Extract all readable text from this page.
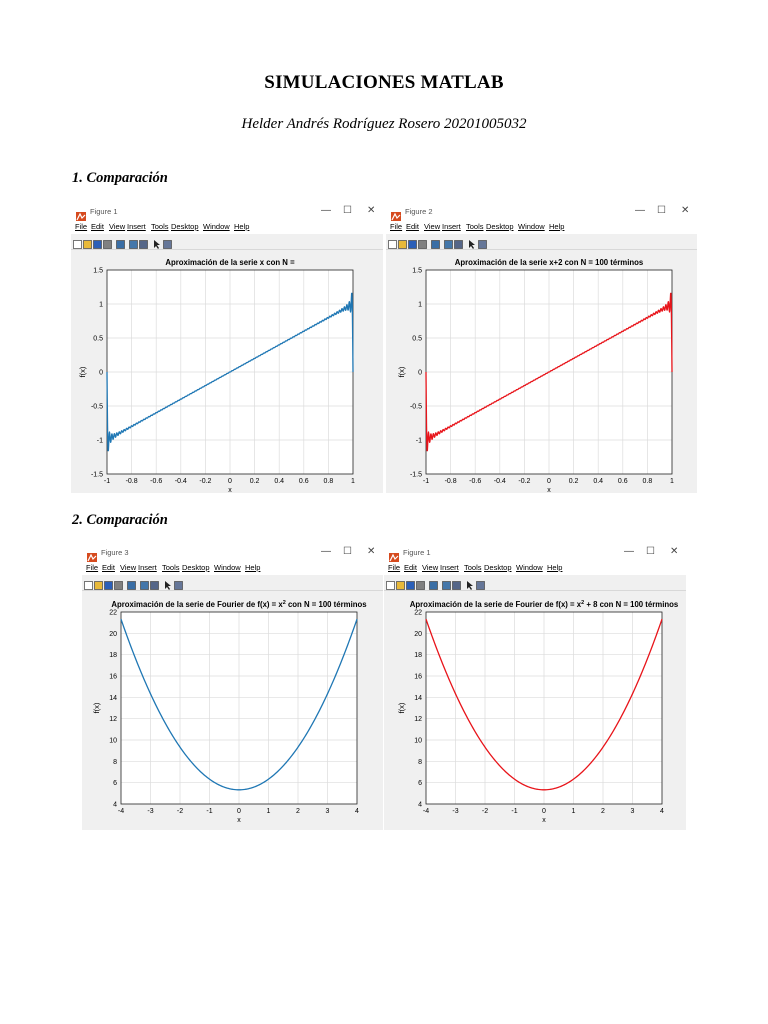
SIMULACIONES MATLAB
Helder Andrés Rodríguez Rosero 20201005032
1. Comparación
2. Comparación
Figure 1	— ☐ ✕
File Edit View Insert Tools Desktop Window Help
-1 -0.8 -0.6 -0.4 -0.2 0	0.2 0.4 0.6 0.8	1
1.5
1
0.5
0
-0.5
-1
-1.5
x
f(x)
Aproximación de la serie x con N =
Figure 2	— ☐ ✕
File Edit View Insert Tools Desktop Window Help
-1 -0.8 -0.6 -0.4 -0.2 0	0.2 0.4 0.6 0.8	1
1.5
1
0.5
0
-0.5
-1
-1.5
x
f(x)
Aproximación de la serie x+2 con N = 100 términos
Figure 3	— ☐ ✕
File Edit View Insert Tools Desktop Window Help
-4	-3	-2	-1	0	1	2	3	4
22
20
18
16
14
12
10
8
6
4
x
f(x)
Aproximación de la serie de Fourier de $f(x) = x^2$ con N = 100 términos
Figure 1	— ☐ ✕
File Edit View Insert Tools Desktop Window Help
-4	-3	-2	-1	0	1	2	3	4
22
20
18
16
14
12
10
8
6
4
x
f(x)
Aproximación de la serie de Fourier de $f(x) = x^2 + 8$ con N = 100 términos
